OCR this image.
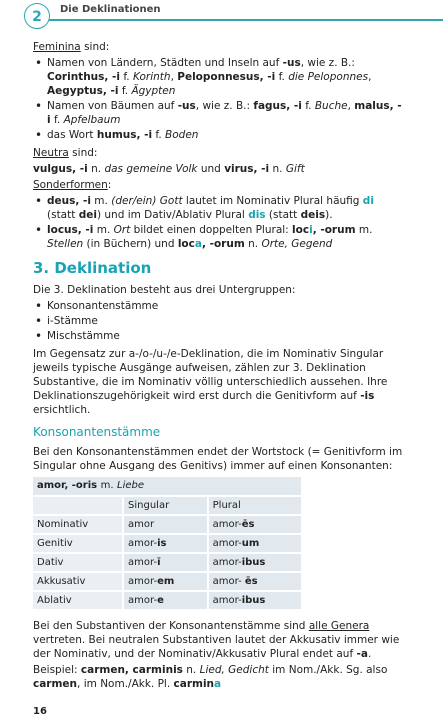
2	Die Deklinationen

Feminina sind:

• Namen von Ländern, Städten und Inseln auf -us, wie z. B.: Corinthus, -i f. Korinth, Peloponnesus, -i f. die Peloponnes, Aegyptus, -i f. Ägypten
• Namen von Bäumen auf -us, wie z. B.: fagus, -i f. Buche, malus, -i f. Apfelbaum
• das Wort humus, -i f. Boden

Neutra sind:

vulgus, -i n. das gemeine Volk und virus, -i n. Gift

Sonderformen:

• deus, -i m. (der/ein) Gott lautet im Nominativ Plural häufig di (statt dei) und im Dativ/Ablativ Plural dis (statt deis).
• locus, -i m. Ort bildet einen doppelten Plural: loci, -orum m. Stellen (in Büchern) und loca, -orum n. Orte, Gegend
3. Deklination

Die 3. Deklination besteht aus drei Untergruppen:

• Konsonantenstämme
• i-Stämme
• Mischstämme

Im Gegensatz zur a-/o-/u-/e-Deklination, die im Nominativ Singular jeweils typische Ausgänge aufweisen, zählen zur 3. Deklination Substantive, die im Nominativ völlig unterschiedlich aussehen. Ihre Deklinationszugehörigkeit wird erst durch die Genitivform auf -is ersichtlich.

Konsonantenstämme

Bei den Konsonantenstämmen endet der Wortstock (= Genitivform im Singular ohne Ausgang des Genitivs) immer auf einen Konsonanten:

amor, -oris m. Liebe		
	Singular	Plural
Nominativ	amor	amor-ēs
Genitiv	amor-is	amor-um
Dativ	amor-ī	amor-ibus
Akkusativ	amor-em	amor- ēs
Ablativ	amor-e	amor-ibus

Bei den Substantiven der Konsonantenstämme sind alle Genera vertreten. Bei neutralen Substantiven lautet der Akkusativ immer wie der Nominativ, und der Nominativ/Akkusativ Plural endet auf -a.

Beispiel: carmen, carminis n. Lied, Gedicht im Nom./Akk. Sg. also carmen, im Nom./Akk. Pl. carmina

16
